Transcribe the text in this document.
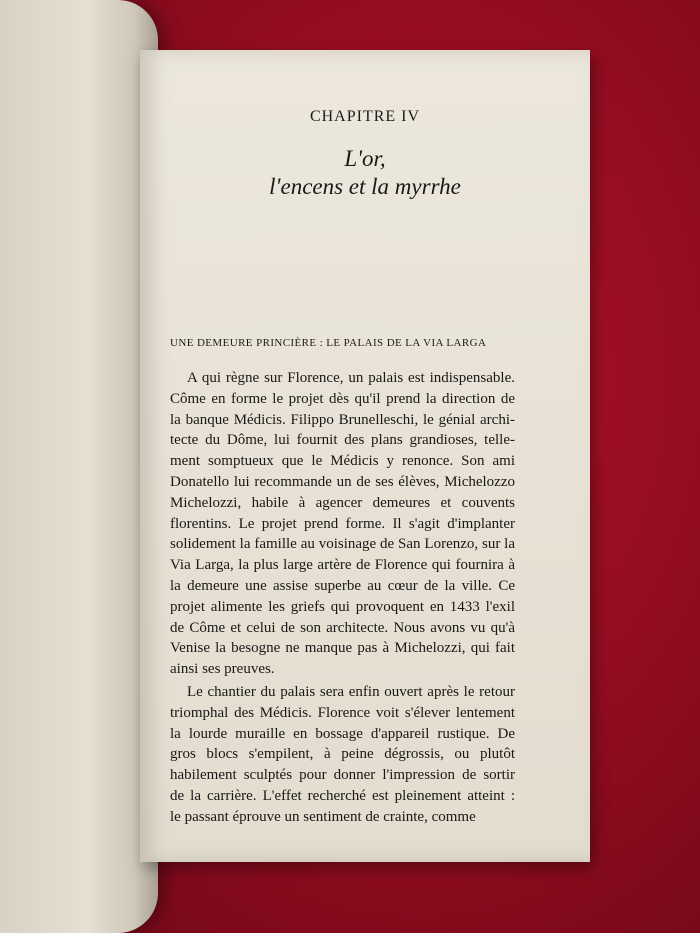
CHAPITRE IV
L'or,
l'encens et la myrrhe
UNE DEMEURE PRINCIÈRE : LE PALAIS DE LA VIA LARGA

A qui règne sur Florence, un palais est indispensable.
Côme en forme le projet dès qu'il prend la direction de
la banque Médicis. Filippo Brunelleschi, le génial archi-
tecte du Dôme, lui fournit des plans grandioses, telle-
ment somptueux que le Médicis y renonce. Son ami
Donatello lui recommande un de ses élèves, Michelozzo
Michelozzi, habile à agencer demeures et couvents
florentins. Le projet prend forme. Il s'agit d'implanter
solidement la famille au voisinage de San Lorenzo, sur la
Via Larga, la plus large artère de Florence qui fournira à
la demeure une assise superbe au cœur de la ville. Ce
projet alimente les griefs qui provoquent en 1433 l'exil
de Côme et celui de son architecte. Nous avons vu qu'à
Venise la besogne ne manque pas à Michelozzi, qui fait
ainsi ses preuves.

Le chantier du palais sera enfin ouvert après le retour
triomphal des Médicis. Florence voit s'élever lentement
la lourde muraille en bossage d'appareil rustique. De
gros blocs s'empilent, à peine dégrossis, ou plutôt
habilement sculptés pour donner l'impression de sortir
de la carrière. L'effet recherché est pleinement atteint :
le passant éprouve un sentiment de crainte, comme
